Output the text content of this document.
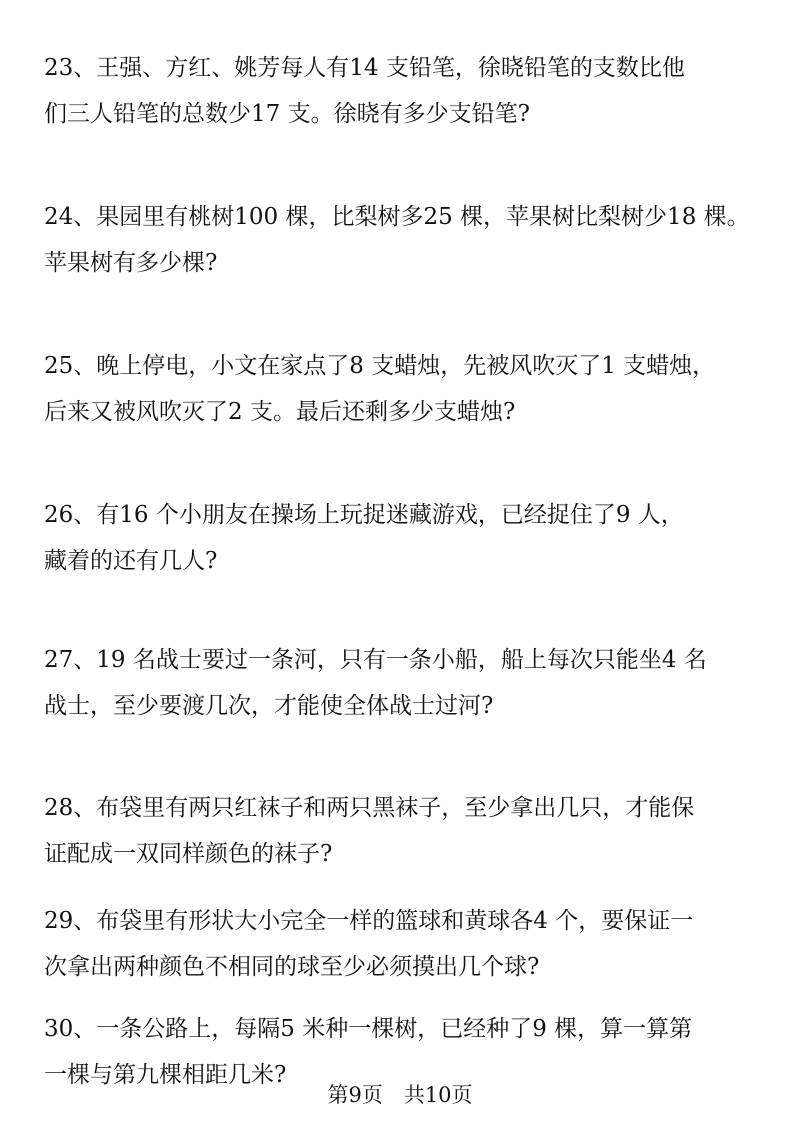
23、王强、方红、姚芳每人有14 支铅笔，徐晓铅笔的支数比他
们三人铅笔的总数少17 支。徐晓有多少支铅笔?
24、果园里有桃树100 棵，比梨树多25 棵，苹果树比梨树少18 棵。
苹果树有多少棵?
25、晚上停电，小文在家点了8 支蜡烛，先被风吹灭了1 支蜡烛，
后来又被风吹灭了2 支。最后还剩多少支蜡烛?
26、有16 个小朋友在操场上玩捉迷藏游戏，已经捉住了9 人，
藏着的还有几人?
27、19 名战士要过一条河，只有一条小船，船上每次只能坐4 名
战士，至少要渡几次，才能使全体战士过河?
28、布袋里有两只红袜子和两只黑袜子，至少拿出几只，才能保
证配成一双同样颜色的袜子?
29、布袋里有形状大小完全一样的篮球和黄球各4 个，要保证一
次拿出两种颜色不相同的球至少必须摸出几个球?
30、一条公路上，每隔5 米种一棵树，已经种了9 棵，算一算第
一棵与第九棵相距几米?
第9页　共10页
